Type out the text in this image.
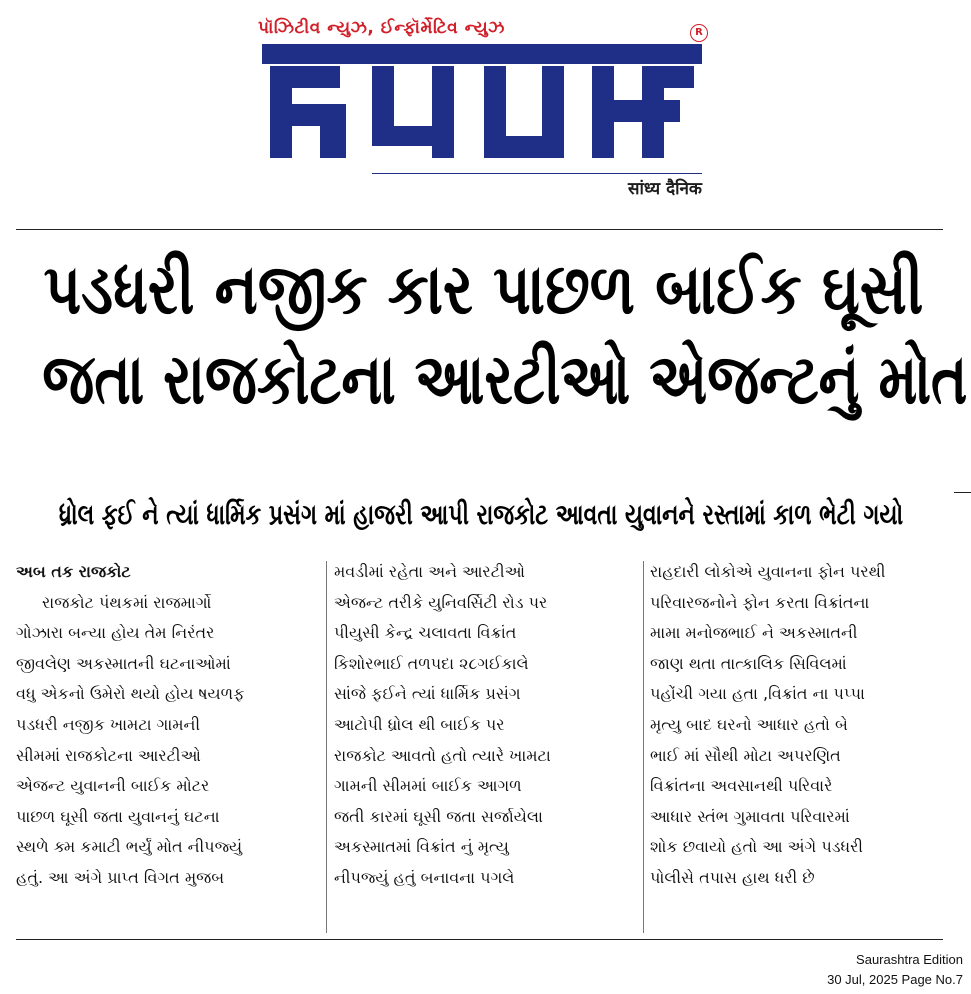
પૉઝિટીવ ન્યુઝ, ઈન્ફૉર્મેટિવ ન્યુઝ	R
सांध्य दैनिक
પડધરી નજીક કાર પાછળ બાઈક ઘૂસી જતા રાજકોટના આરટીઓ એજન્ટનું મોત
ધ્રોલ ફઈ ને ત્યાં ધાર્મિક પ્રસંગ માં હાજરી આપી રાજકોટ આવતા યુવાનને રસ્તામાં કાળ ભેટી ગયો
અબ તક રાજકોટ
રાજકોટ પંથકમાં રાજમાર્ગો
ગોઝારા બન્યા હોય તેમ નિરંતર
જીવલેણ અકસ્માતની ઘટનાઓમાં
વધુ એકનો ઉમેરો થયો હોય ષયળફ
પડધરી નજીક ખામટા ગામની
સીમમાં રાજકોટના આરટીઓ
એજન્ટ યુવાનની બાઈક મોટર
પાછળ ઘૂસી જતા યુવાનનું ઘટના
સ્થળે ક્મ કમાટી ભર્યું મોત નીપજ્યું
હતું. આ અંગે પ્રાપ્ત વિગત મુજબ
મવડીમાં રહેતા અને આરટીઓ
એજન્ટ તરીકે યુનિવર્સિટી રોડ પર
પીયુસી કેન્દ્ર ચલાવતા વિક્રાંત
કિશોરભાઈ તળપદા ૨૮ગઈકાલે
સાંજે ફઈને ત્યાં ધાર્મિક પ્રસંગ
આટોપી ધ્રોલ થી બાઈક પર
રાજકોટ આવતો હતો ત્યારે ખામટા
ગામની સીમમાં બાઈક આગળ
જતી કારમાં ઘૂસી જતા સર્જાયેલા
અકસ્માતમાં વિક્રાંત નું મૃત્યુ
નીપજ્યું હતું બનાવના પગલે
રાહદારી લોકોએ યુવાનના ફોન પરથી
પરિવારજનોને ફોન કરતા વિક્રાંતના
મામા મનોજભાઈ ને અકસ્માતની
જાણ થતા તાત્કાલિક સિવિલમાં
પહોંચી ગયા હતા ,વિક્રાંત ના પપ્પા
મૃત્યુ બાદ ઘરનો આધાર હતો બે
ભાઈ માં સૌથી મોટા અપરણિત
વિક્રાંતના અવસાનથી પરિવારે
આધાર સ્તંભ ગુમાવતા પરિવારમાં
શોક છવાયો હતો આ અંગે પડધરી
પોલીસે તપાસ હાથ ધરી છે
Saurashtra Edition
30 Jul, 2025 Page No.7
